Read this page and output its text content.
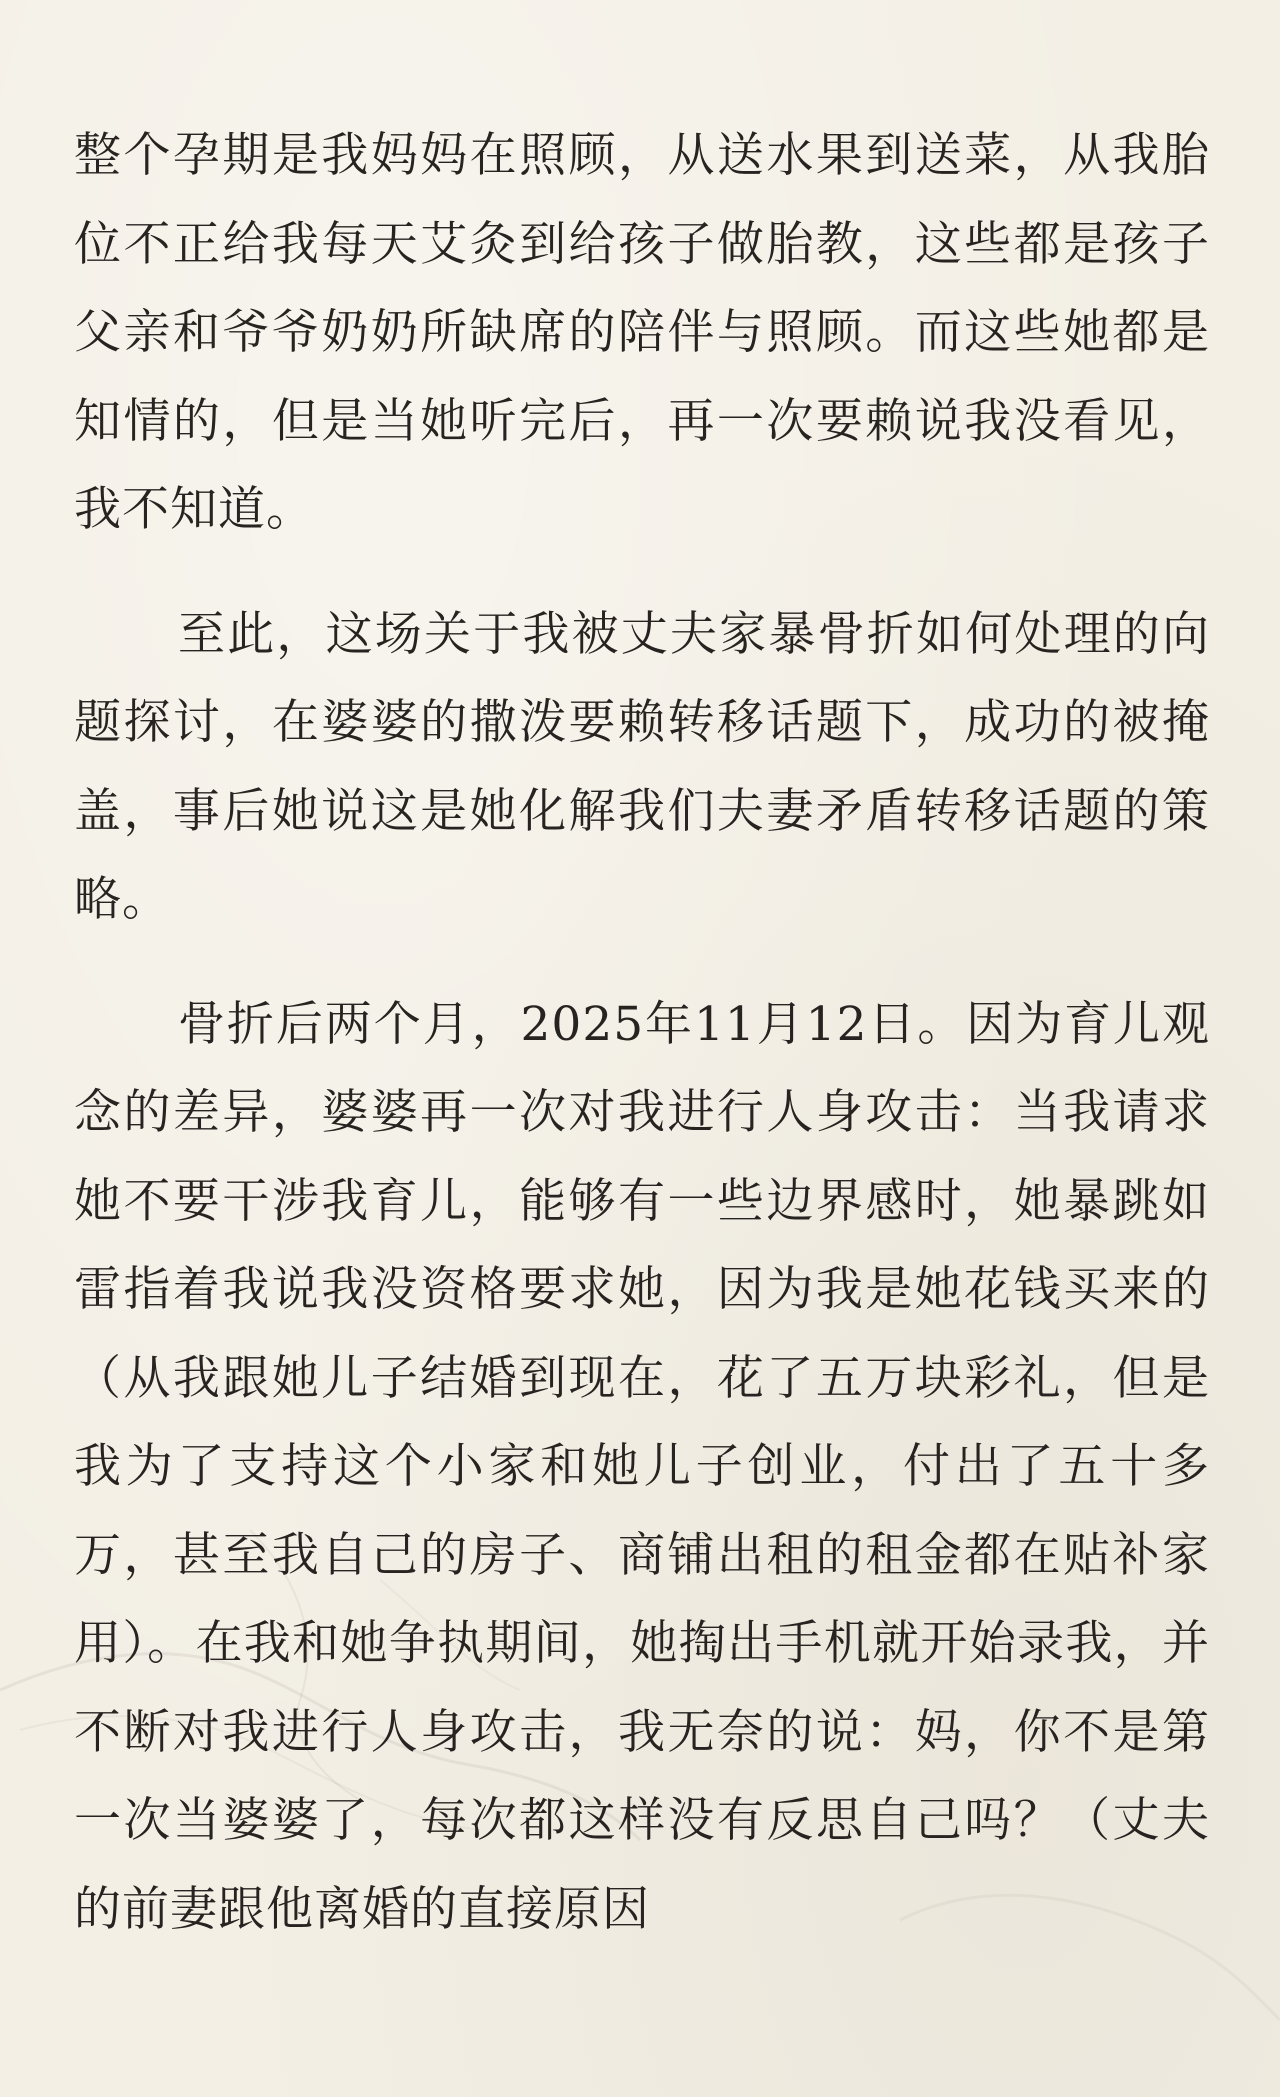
整个孕期是我妈妈在照顾，从送水果到送菜，从我胎位不正给我每天艾灸到给孩子做胎教，这些都是孩子父亲和爷爷奶奶所缺席的陪伴与照顾。而这些她都是知情的，但是当她听完后，再一次要赖说我没看见，我不知道。

至此，这场关于我被丈夫家暴骨折如何处理的向题探讨，在婆婆的撒泼要赖转移话题下，成功的被掩盖，事后她说这是她化解我们夫妻矛盾转移话题的策略。

骨折后两个月，2025年11月12日。因为育儿观念的差异，婆婆再一次对我进行人身攻击：当我请求她不要干涉我育儿，能够有一些边界感时，她暴跳如雷指着我说我没资格要求她，因为我是她花钱买来的（从我跟她儿子结婚到现在，花了五万块彩礼，但是我为了支持这个小家和她儿子创业，付出了五十多万，甚至我自己的房子、商铺出租的租金都在贴补家用）。在我和她争执期间，她掏出手机就开始录我，并不断对我进行人身攻击，我无奈的说：妈，你不是第一次当婆婆了，每次都这样没有反思自己吗？（丈夫的前妻跟他离婚的直接原因
